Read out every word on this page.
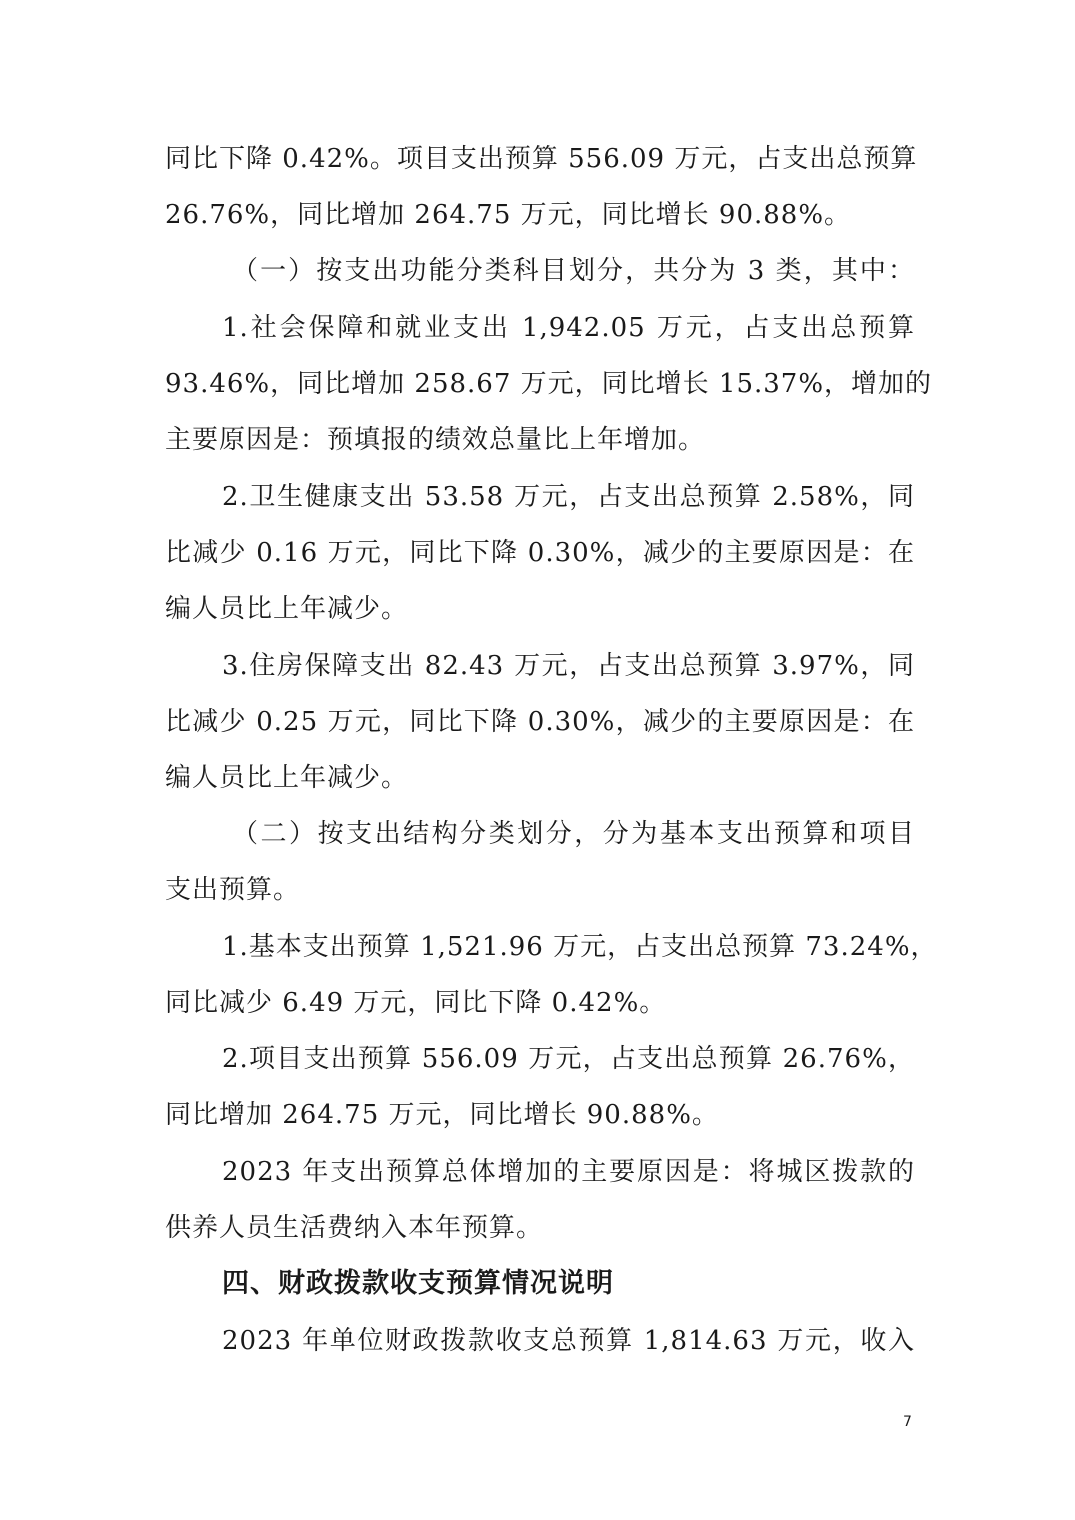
同比下降 0.42%。项目支出预算 556.09 万元，占支出总预算
26.76%，同比增加 264.75 万元，同比增长 90.88%。
（一）按支出功能分类科目划分，共分为 3 类，其中：
1.社会保障和就业支出 1,942.05 万元，占支出总预算
93.46%，同比增加 258.67 万元，同比增长 15.37%，增加的
主要原因是：预填报的绩效总量比上年增加。
2.卫生健康支出 53.58 万元，占支出总预算 2.58%，同
比减少 0.16 万元，同比下降 0.30%，减少的主要原因是：在
编人员比上年减少。
3.住房保障支出 82.43 万元，占支出总预算 3.97%，同
比减少 0.25 万元，同比下降 0.30%，减少的主要原因是：在
编人员比上年减少。
（二）按支出结构分类划分，分为基本支出预算和项目
支出预算。
1.基本支出预算 1,521.96 万元，占支出总预算 73.24%，
同比减少 6.49 万元，同比下降 0.42%。
2.项目支出预算 556.09 万元，占支出总预算 26.76%，
同比增加 264.75 万元，同比增长 90.88%。
2023 年支出预算总体增加的主要原因是：将城区拨款的
供养人员生活费纳入本年预算。
四、财政拨款收支预算情况说明
2023 年单位财政拨款收支总预算 1,814.63 万元，收入
7
